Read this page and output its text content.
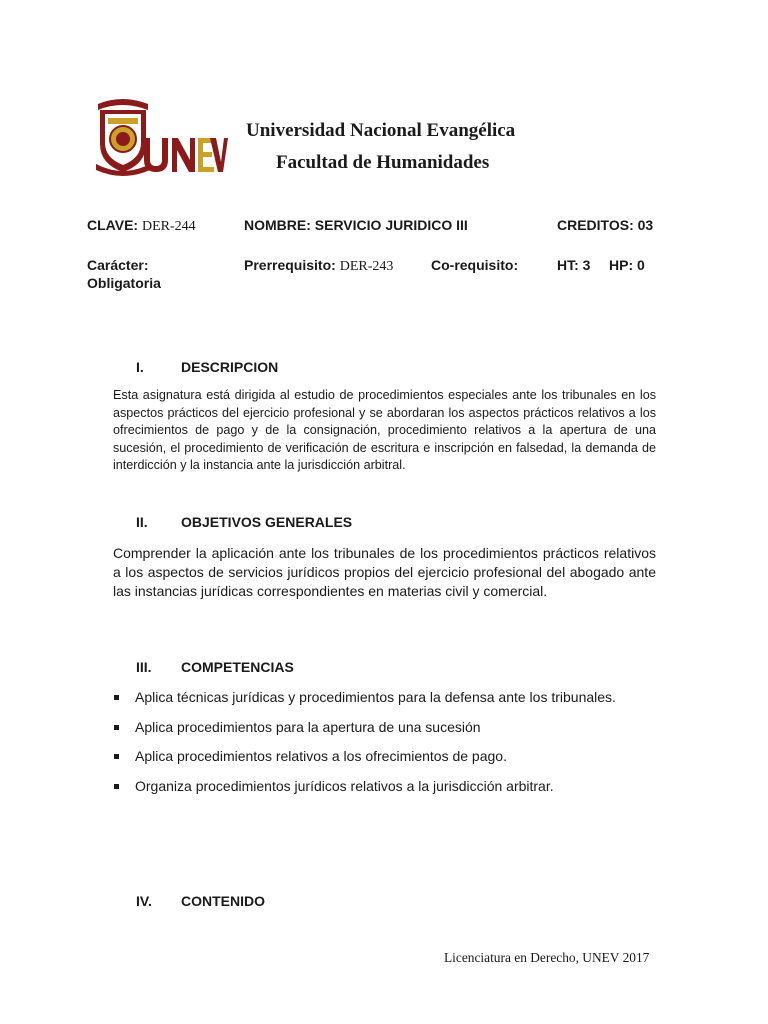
Universidad Nacional Evangélica
Facultad de Humanidades
CLAVE: DER-244	NOMBRE: SERVICIO JURIDICO III	CREDITOS: 03
Carácter:
Obligatoria
Prerrequisito: DER-243	Co-requisito:	HT: 3 HP: 0
I.	DESCRIPCION
Esta asignatura está dirigida al estudio de procedimientos especiales ante los tribunales en los aspectos prácticos del ejercicio profesional y se abordaran los aspectos prácticos relativos a los ofrecimientos de pago y de la consignación, procedimiento relativos a la apertura de una sucesión, el procedimiento de verificación de escritura e inscripción en falsedad, la demanda de interdicción y la instancia ante la jurisdicción arbitral.
II. OBJETIVOS GENERALES
Comprender la aplicación ante los tribunales de los procedimientos prácticos relativos a los aspectos de servicios jurídicos propios del ejercicio profesional del abogado ante las instancias jurídicas correspondientes en materias civil y comercial.
III. COMPETENCIAS
Aplica técnicas jurídicas y procedimientos para la defensa ante los tribunales.
Aplica procedimientos para la apertura de una sucesión
Aplica procedimientos relativos a los ofrecimientos de pago.
Organiza procedimientos jurídicos relativos a la jurisdicción arbitrar.
IV. CONTENIDO
Licenciatura en Derecho, UNEV 2017
